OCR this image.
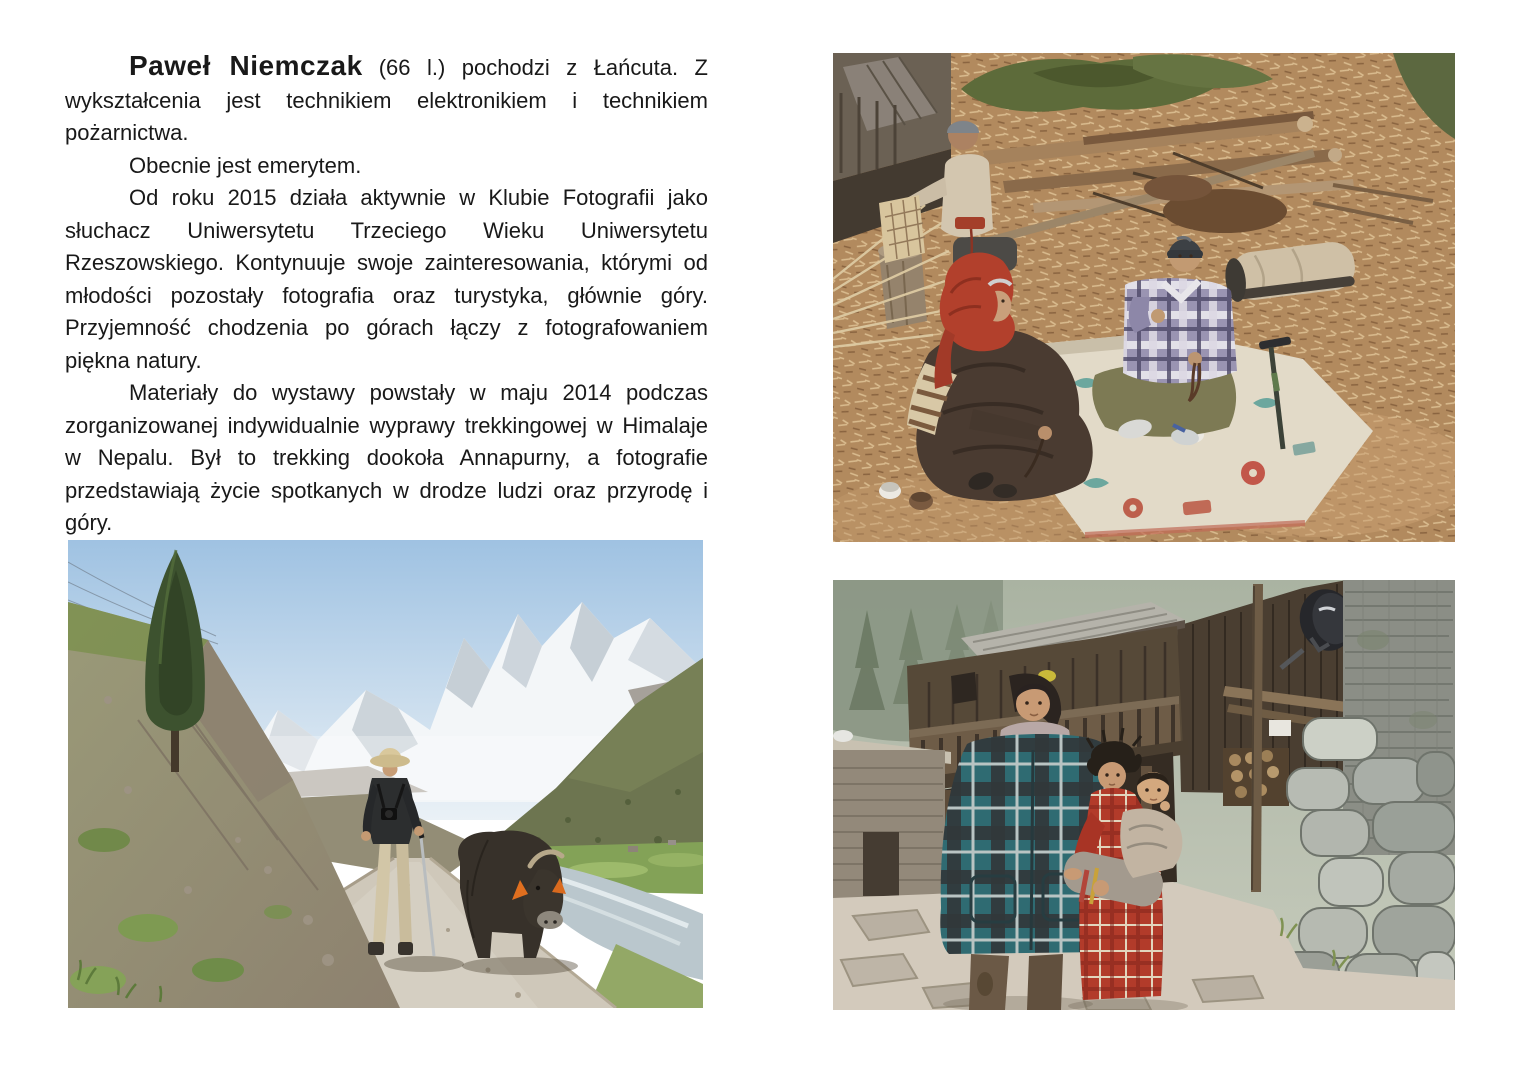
Paweł Niemczak (66 l.) pochodzi z Łańcuta. Z wykształcenia jest technikiem elektronikiem i technikiem pożarnictwa.

Obecnie jest emerytem.

Od roku 2015 działa aktywnie w Klubie Fotografii jako słuchacz Uniwersytetu Trzeciego Wieku Uniwersytetu Rzeszowskiego. Kontynuuje swoje zainteresowania, którymi od młodości pozostały fotografia oraz turystyka, głównie góry. Przyjemność chodzenia po górach łączy z fotografowaniem piękna natury.

Materiały do wystawy powstały w maju 2014 podczas zorganizowanej indywidualnie wyprawy trekkingowej w Himalaje w Nepalu. Był to trekking dookoła Annapurny, a fotografie przedstawiają życie spotkanych w drodze ludzi oraz przyrodę i góry.
